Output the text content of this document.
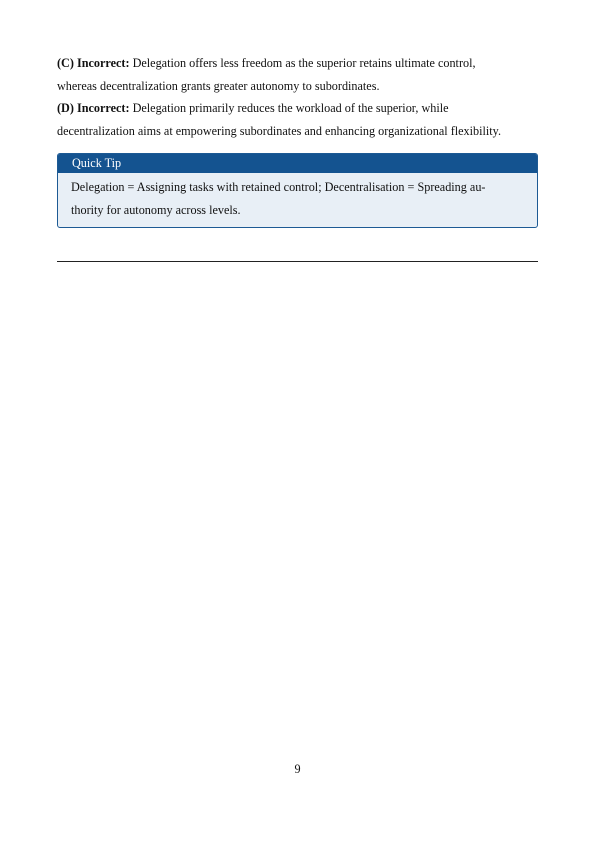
(C) Incorrect: Delegation offers less freedom as the superior retains ultimate control,
whereas decentralization grants greater autonomy to subordinates.

(D) Incorrect: Delegation primarily reduces the workload of the superior, while
decentralization aims at empowering subordinates and enhancing organizational flexibility.

Quick Tip
Delegation = Assigning tasks with retained control; Decentralisation = Spreading au-
thority for autonomy across levels.
9
